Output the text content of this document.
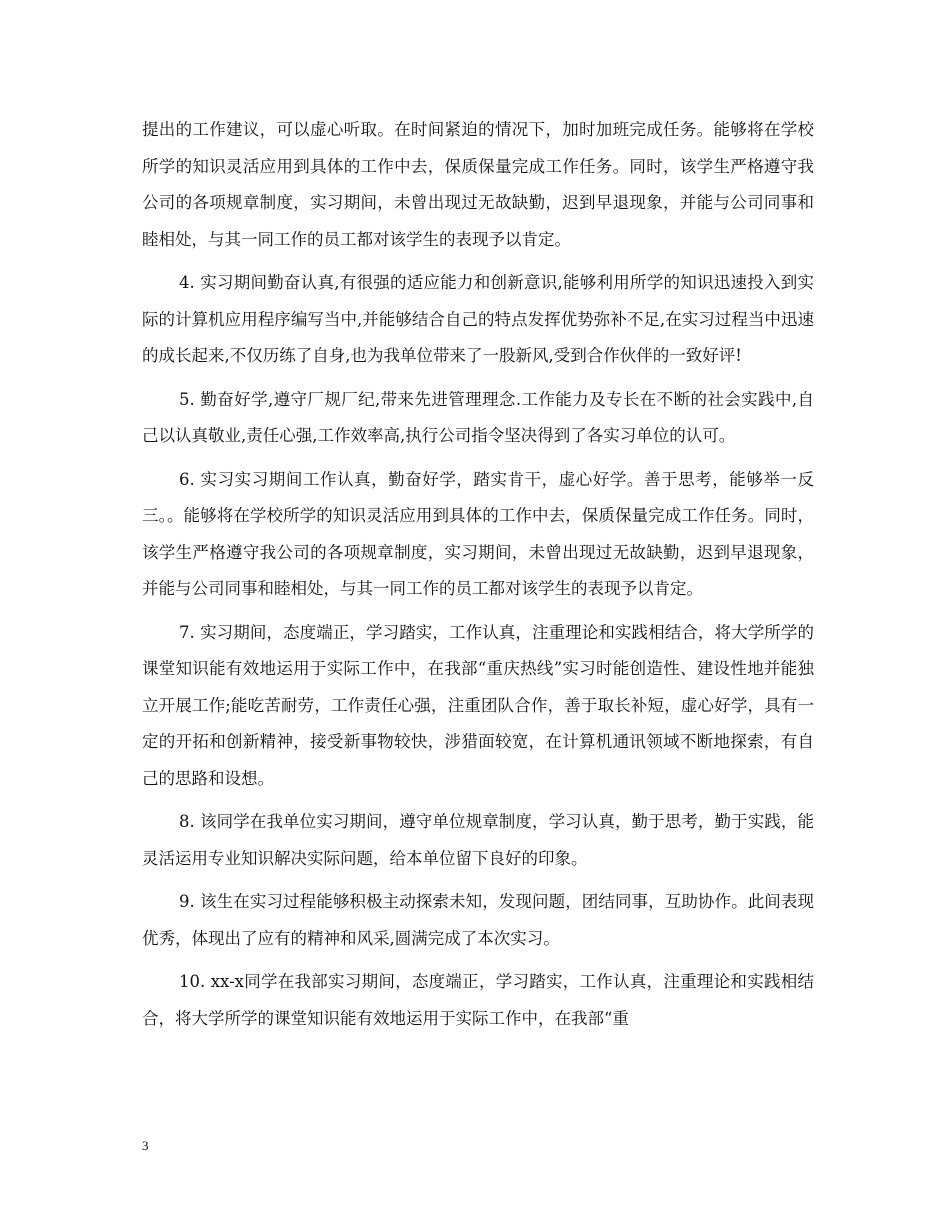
提出的工作建议，可以虚心听取。在时间紧迫的情况下，加时加班完成任务。能够将在学校所学的知识灵活应用到具体的工作中去，保质保量完成工作任务。同时，该学生严格遵守我公司的各项规章制度，实习期间，未曾出现过无故缺勤，迟到早退现象，并能与公司同事和睦相处，与其一同工作的员工都对该学生的表现予以肯定。

4. 实习期间勤奋认真,有很强的适应能力和创新意识,能够利用所学的知识迅速投入到实际的计算机应用程序编写当中,并能够结合自己的特点发挥优势弥补不足,在实习过程当中迅速的成长起来,不仅历练了自身,也为我单位带来了一股新风,受到合作伙伴的一致好评!

5. 勤奋好学,遵守厂规厂纪,带来先进管理理念.工作能力及专长在不断的社会实践中,自己以认真敬业,责任心强,工作效率高,执行公司指令坚决得到了各实习单位的认可。

6. 实习实习期间工作认真，勤奋好学，踏实肯干，虚心好学。善于思考，能够举一反三。。能够将在学校所学的知识灵活应用到具体的工作中去，保质保量完成工作任务。同时，该学生严格遵守我公司的各项规章制度，实习期间，未曾出现过无故缺勤，迟到早退现象，并能与公司同事和睦相处，与其一同工作的员工都对该学生的表现予以肯定。

7. 实习期间，态度端正，学习踏实，工作认真，注重理论和实践相结合，将大学所学的课堂知识能有效地运用于实际工作中，在我部“重庆热线”实习时能创造性、建设性地并能独立开展工作;能吃苦耐劳，工作责任心强，注重团队合作，善于取长补短，虚心好学，具有一定的开拓和创新精神，接受新事物较快，涉猎面较宽，在计算机通讯领域不断地探索，有自己的思路和设想。

8. 该同学在我单位实习期间，遵守单位规章制度，学习认真，勤于思考，勤于实践，能灵活运用专业知识解决实际问题，给本单位留下良好的印象。

9. 该生在实习过程能够积极主动探索未知，发现问题，团结同事，互助协作。此间表现优秀，体现出了应有的精神和风采,圆满完成了本次实习。

10. xx-x同学在我部实习期间，态度端正，学习踏实，工作认真，注重理论和实践相结合，将大学所学的课堂知识能有效地运用于实际工作中，在我部“重

3
